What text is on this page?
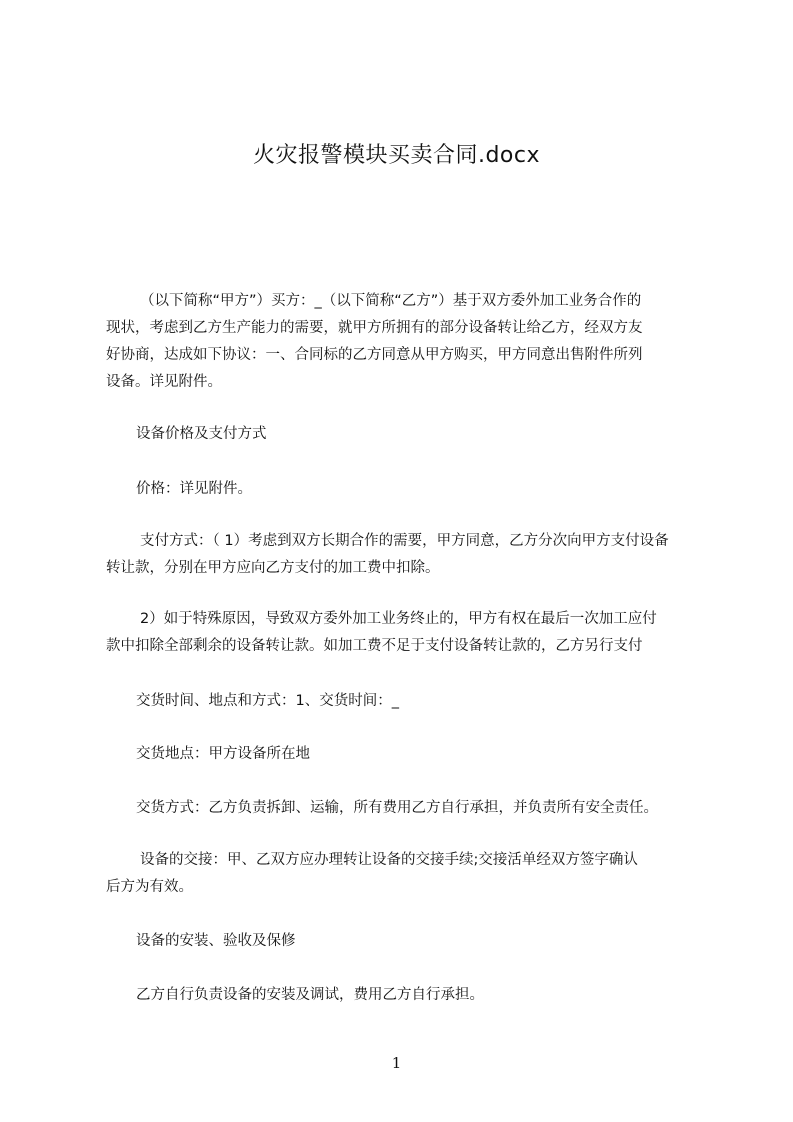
火灾报警模块买卖合同.docx
（以下简称“甲方”）买方：_（以下简称“乙方”）基于双方委外加工业务合作的
现状，考虑到乙方生产能力的需要，就甲方所拥有的部分设备转让给乙方，经双方友
好协商，达成如下协议：一、合同标的乙方同意从甲方购买，甲方同意出售附件所列
设备。详见附件。
设备价格及支付方式
价格：详见附件。
支付方式：（ 1）考虑到双方长期合作的需要，甲方同意，乙方分次向甲方支付设备
转让款，分别在甲方应向乙方支付的加工费中扣除。
2）如于特殊原因，导致双方委外加工业务终止的，甲方有权在最后一次加工应付
款中扣除全部剩余的设备转让款。如加工费不足于支付设备转让款的，乙方另行支付
交货时间、地点和方式：1、交货时间：_
交货地点：甲方设备所在地
交货方式：乙方负责拆卸、运输，所有费用乙方自行承担，并负责所有安全责任。
设备的交接：甲、乙双方应办理转让设备的交接手续;交接活单经双方签字确认
后方为有效。
设备的安装、验收及保修
乙方自行负责设备的安装及调试，费用乙方自行承担。
1
